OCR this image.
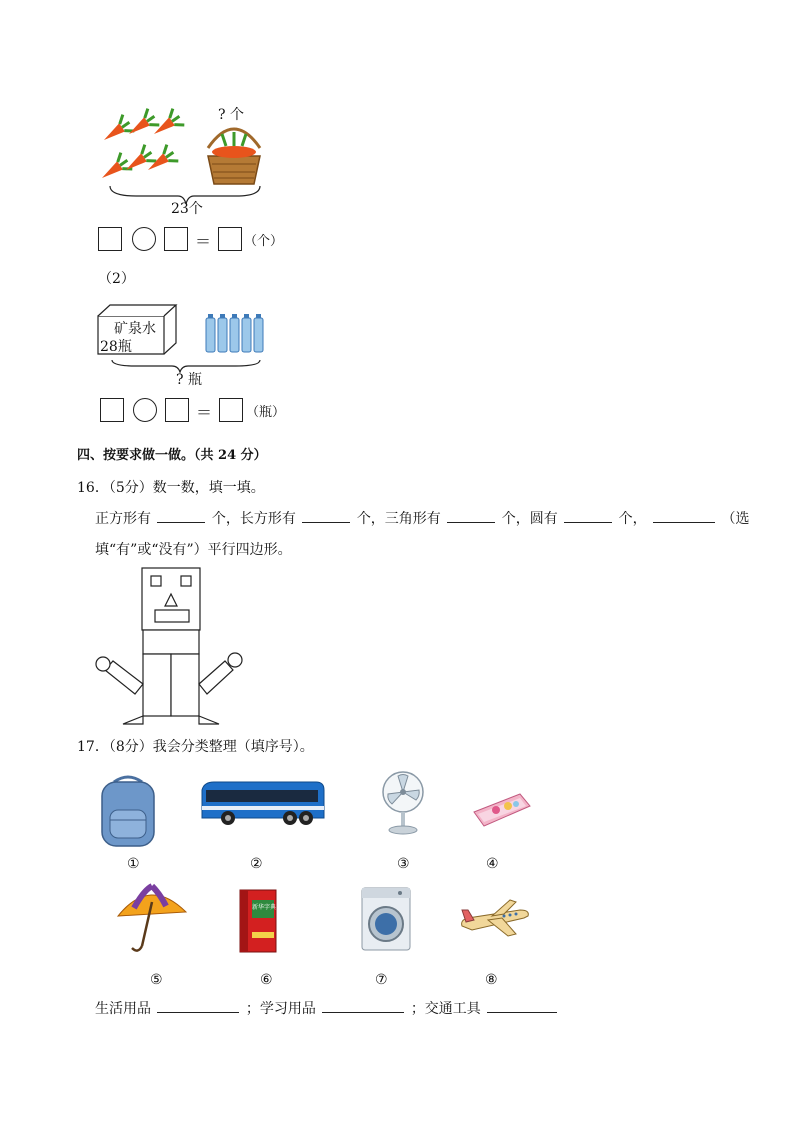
? 个
23个
＝	（个）
（2）
矿泉水
28瓶
? 瓶
＝	（瓶）
四、按要求做一做。（共 24 分）
16．（5分）数一数，填一填。
正方形有	个，长方形有	个，三角形有	个，圆有	个，	（选
填“有”或“没有”）平行四边形。
17．（8分）我会分类整理（填序号）。
①	②	③	④
新华字典
⑤	⑥	⑦	⑧
生活用品	；学习用品	；交通工具
